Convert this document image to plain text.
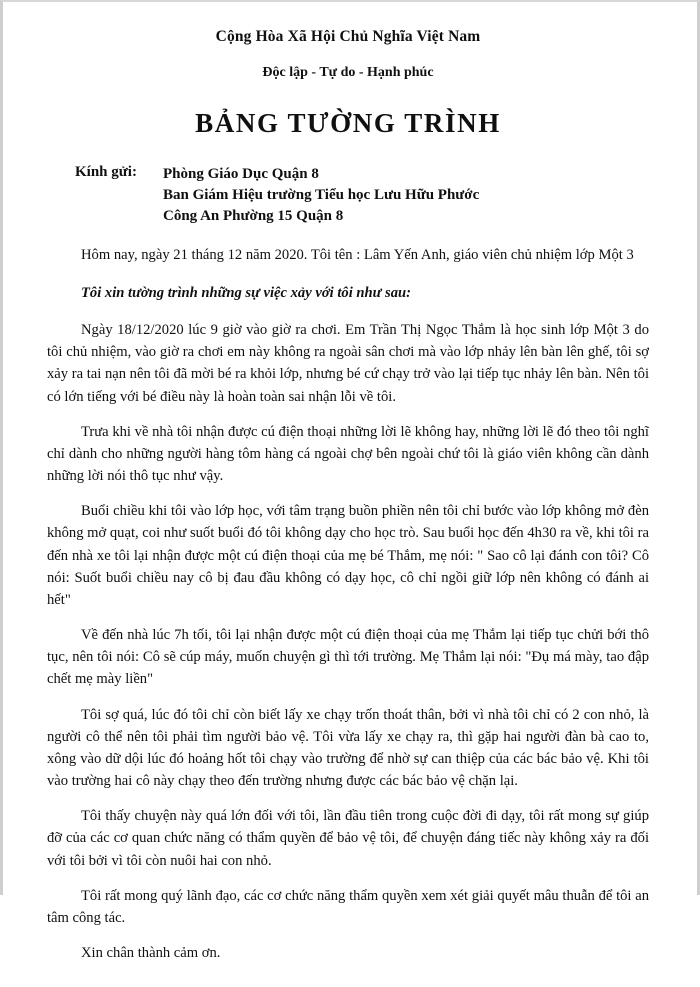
Cộng Hòa Xã Hội Chủ Nghĩa Việt Nam
Độc lập - Tự do - Hạnh phúc
BẢNG TƯỜNG TRÌNH
Kính gửi:	Phòng Giáo Dục Quận 8
Ban Giám Hiệu trường Tiểu học Lưu Hữu Phước
Công An Phường 15 Quận 8

Hôm nay, ngày 21 tháng 12 năm 2020. Tôi tên : Lâm Yến Anh, giáo viên chủ nhiệm lớp Một 3

Tôi xin tường trình những sự việc xảy với tôi như sau:

Ngày 18/12/2020 lúc 9 giờ vào giờ ra chơi. Em Trần Thị Ngọc Thắm là học sinh lớp Một 3 do tôi chủ nhiệm, vào giờ ra chơi em này không ra ngoài sân chơi mà vào lớp nhảy lên bàn lên ghế, tôi sợ xảy ra tai nạn nên tôi đã mời bé ra khỏi lớp, nhưng bé cứ chạy trở vào lại tiếp tục nhảy lên bàn. Nên tôi có lớn tiếng với bé điều này là hoàn toàn sai nhận lỗi về tôi.

Trưa khi về nhà tôi nhận được cú điện thoại những lời lẽ không hay, những lời lẽ đó theo tôi nghĩ chỉ dành cho những người hàng tôm hàng cá ngoài chợ bên ngoài chứ tôi là giáo viên không cần dành những lời nói thô tục như vậy.

Buổi chiều khi tôi vào lớp học, với tâm trạng buồn phiền nên tôi chỉ bước vào lớp không mở đèn không mở quạt, coi như suốt buổi đó tôi không dạy cho học trò. Sau buổi học đến 4h30 ra về, khi tôi ra đến nhà xe tôi lại nhận được một cú điện thoại của mẹ bé Thắm, mẹ nói: " Sao cô lại đánh con tôi? Cô nói: Suốt buổi chiều nay cô bị đau đầu không có dạy học, cô chỉ ngồi giữ lớp nên không có đánh ai hết"

Về đến nhà lúc 7h tối, tôi lại nhận được một cú điện thoại của mẹ Thắm lại tiếp tục chửi bới thô tục, nên tôi nói: Cô sẽ cúp máy, muốn chuyện gì thì tới trường. Mẹ Thắm lại nói: "Đụ má mày, tao đập chết mẹ mày liền"

Tôi sợ quá, lúc đó tôi chỉ còn biết lấy xe chạy trốn thoát thân, bởi vì nhà tôi chỉ có 2 con nhỏ, là người cô thể nên tôi phải tìm người bảo vệ. Tôi vừa lấy xe chạy ra, thì gặp hai người đàn bà cao to, xông vào dữ dội lúc đó hoảng hốt tôi chạy vào trường để nhờ sự can thiệp của các bác bảo vệ. Khi tôi vào trường hai cô này chạy theo đến trường nhưng được các bác bảo vệ chặn lại.

Tôi thấy chuyện này quá lớn đối với tôi, lần đầu tiên trong cuộc đời đi dạy, tôi rất mong sự giúp đỡ của các cơ quan chức năng có thẩm quyền để bảo vệ tôi, để chuyện đáng tiếc này không xảy ra đối với tôi bởi vì tôi còn nuôi hai con nhỏ.

Tôi rất mong quý lãnh đạo, các cơ chức năng thẩm quyền xem xét giải quyết mâu thuẫn để tôi an tâm công tác.

Xin chân thành cảm ơn.
